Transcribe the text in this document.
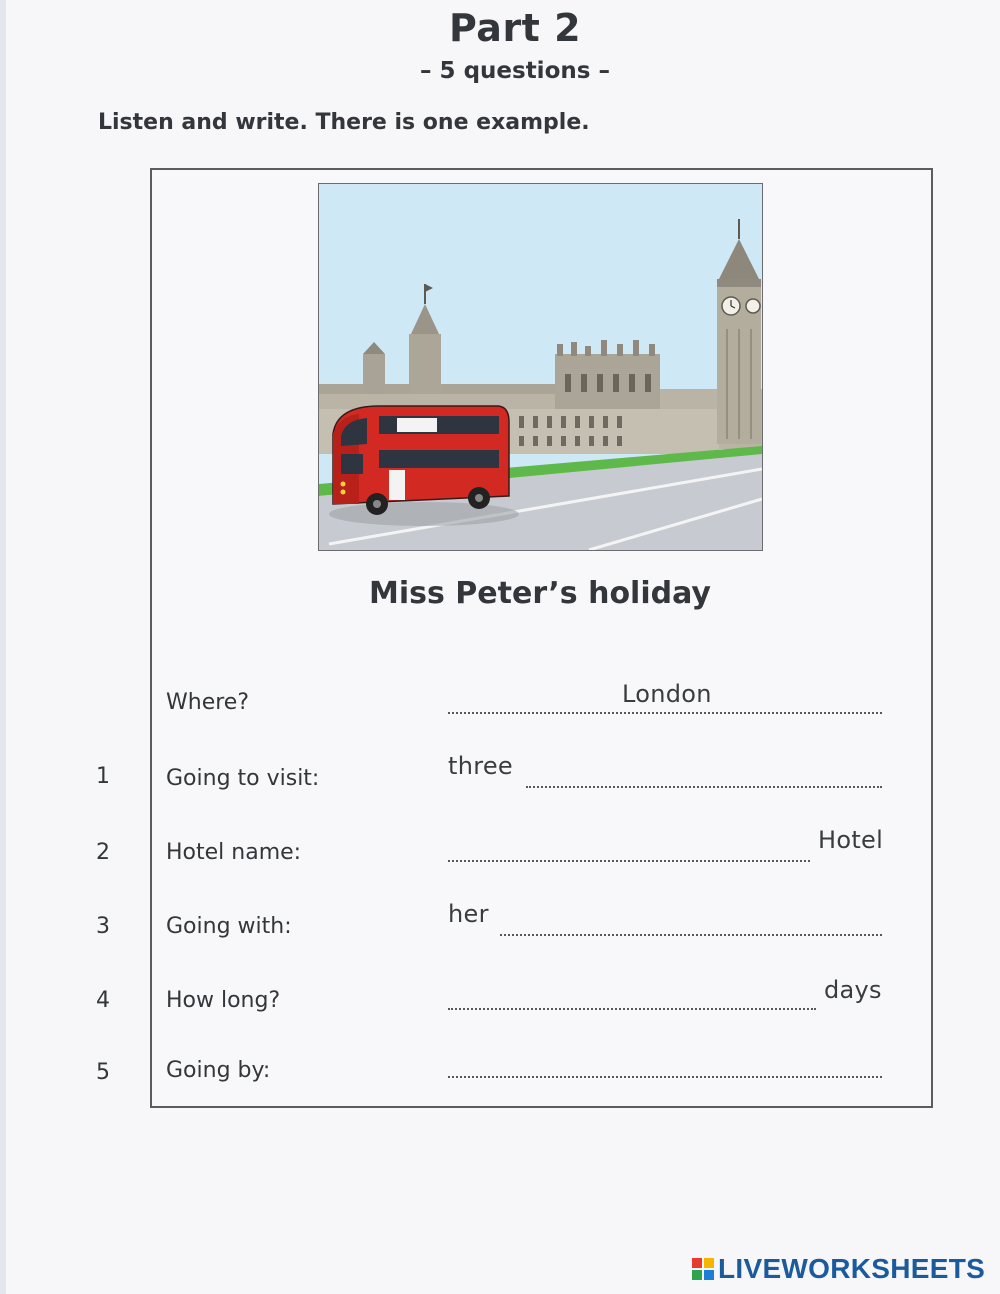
Part 2
– 5 questions –
Listen and write. There is one example.
Miss Peter’s holiday
Where?	London
1	Going to visit:	three
2	Hotel name:	Hotel
3	Going with:	her
4	How long?	days
5	Going by:
LIVEWORKSHEETS
